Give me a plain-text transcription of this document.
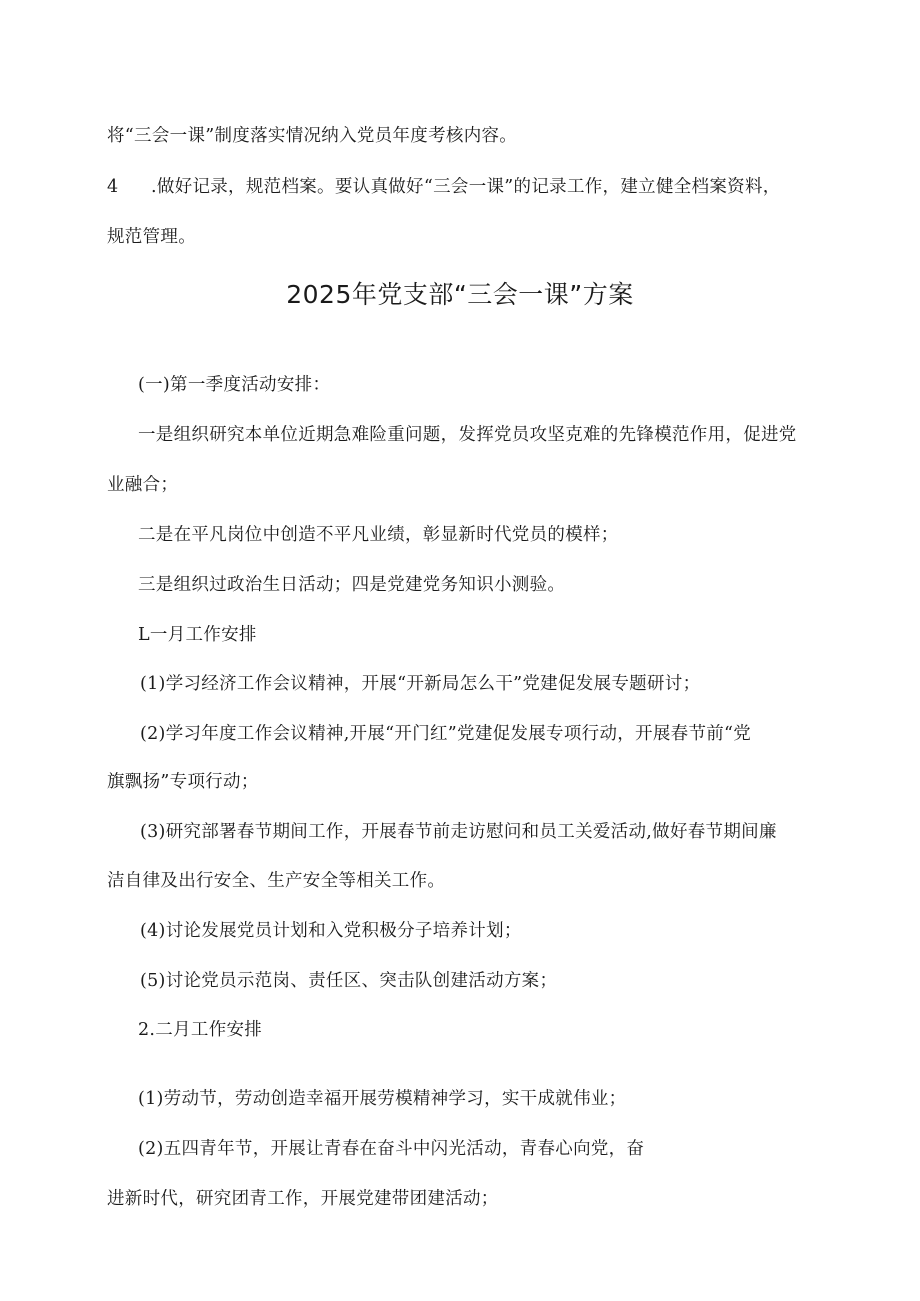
将“三会一课”制度落实情况纳入党员年度考核内容。
4 .做好记录，规范档案。要认真做好“三会一课”的记录工作，建立健全档案资料，
规范管理。
2025年党支部“三会一课”方案
(一)第一季度活动安排：
一是组织研究本单位近期急难险重问题，发挥党员攻坚克难的先锋模范作用，促进党
业融合；
二是在平凡岗位中创造不平凡业绩，彰显新时代党员的模样；
三是组织过政治生日活动；四是党建党务知识小测验。
L一月工作安排
(1)学习经济工作会议精神，开展“开新局怎么干”党建促发展专题研讨；
(2)学习年度工作会议精神,开展“开门红”党建促发展专项行动，开展春节前“党
旗飘扬”专项行动；
(3)研究部署春节期间工作，开展春节前走访慰问和员工关爱活动,做好春节期间廉
洁自律及出行安全、生产安全等相关工作。
(4)讨论发展党员计划和入党积极分子培养计划；
(5)讨论党员示范岗、责任区、突击队创建活动方案；
2.二月工作安排
(1)劳动节，劳动创造幸福开展劳模精神学习，实干成就伟业；
(2)五四青年节，开展让青春在奋斗中闪光活动，青春心向党，奋
进新时代，研究团青工作，开展党建带团建活动；
